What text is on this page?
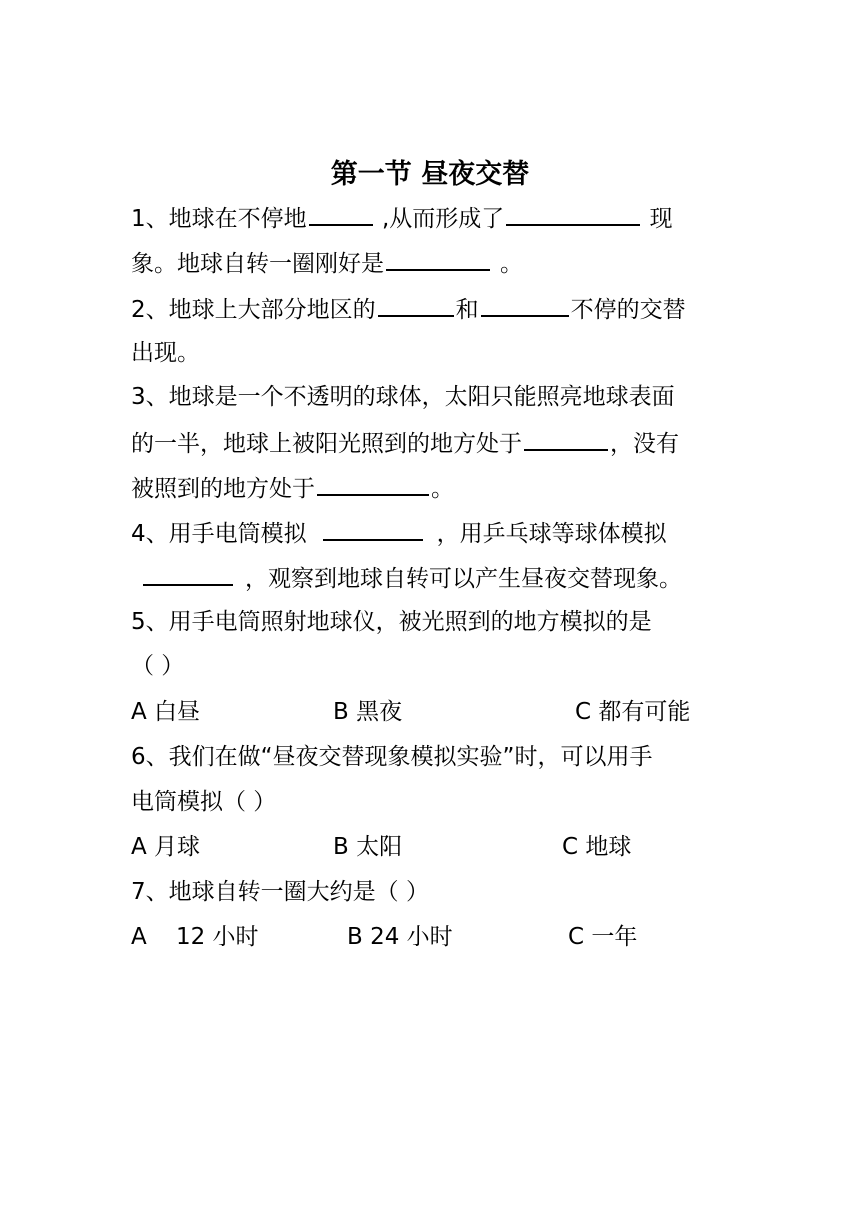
第一节 昼夜交替
1、地球在不停地	,从而形成了	现
象。地球自转一圈刚好是	。
2、地球上大部分地区的	和	不停的交替
出现。
3、地球是一个不透明的球体，太阳只能照亮地球表面
的一半，地球上被阳光照到的地方处于	，没有
被照到的地方处于	。
4、用手电筒模拟	，用乒乓球等球体模拟
，观察到地球自转可以产生昼夜交替现象。
5、用手电筒照射地球仪，被光照到的地方模拟的是
（ ）
A 白昼	B 黑夜	C 都有可能
6、我们在做“昼夜交替现象模拟实验”时，可以用手
电筒模拟（ ）
A 月球	B 太阳	C 地球
7、地球自转一圈大约是（ ）
A    12 小时	B 24 小时	C 一年
